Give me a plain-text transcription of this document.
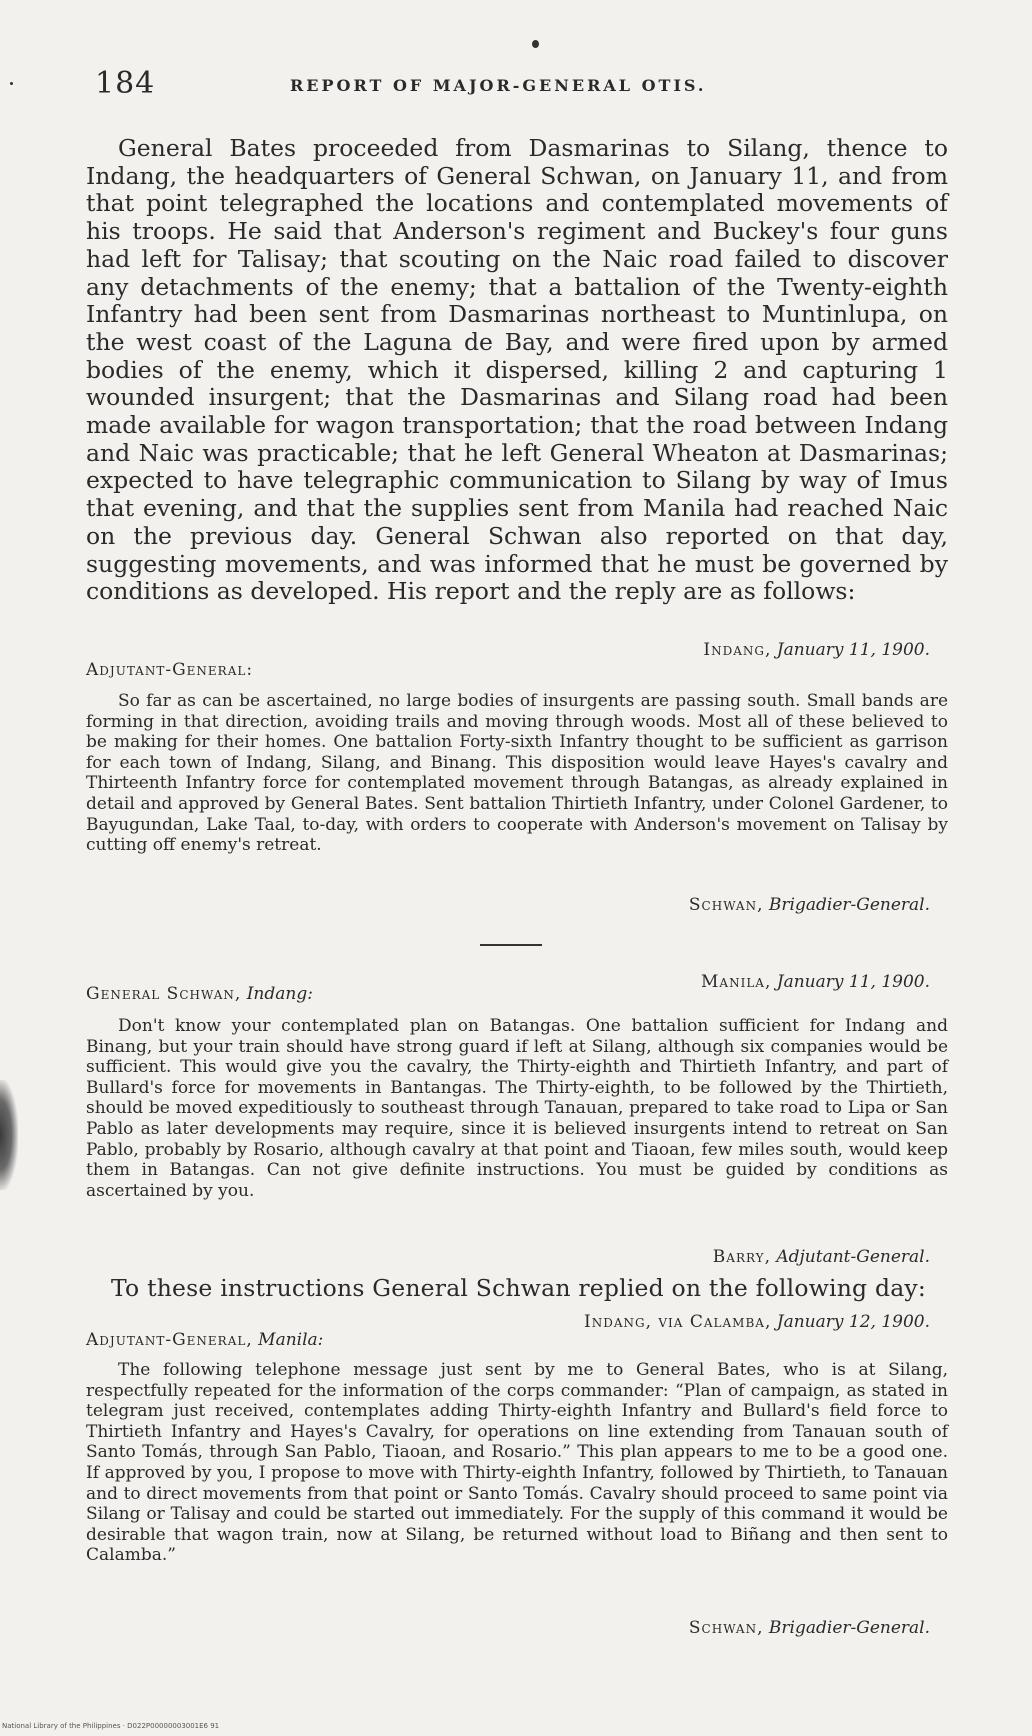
184	REPORT OF MAJOR-GENERAL OTIS.

General Bates proceeded from Dasmarinas to Silang, thence to Indang, the headquarters of General Schwan, on January 11, and from that point telegraphed the locations and contemplated movements of his troops. He said that Anderson's regiment and Buckey's four guns had left for Talisay; that scouting on the Naic road failed to discover any detachments of the enemy; that a battalion of the Twenty-eighth Infantry had been sent from Dasmarinas northeast to Muntinlupa, on the west coast of the Laguna de Bay, and were fired upon by armed bodies of the enemy, which it dispersed, killing 2 and capturing 1 wounded insurgent; that the Dasmarinas and Silang road had been made available for wagon transportation; that the road between Indang and Naic was practicable; that he left General Wheaton at Dasmarinas; expected to have telegraphic communication to Silang by way of Imus that evening, and that the supplies sent from Manila had reached Naic on the previous day. General Schwan also reported on that day, suggesting movements, and was informed that he must be governed by conditions as developed. His report and the reply are as follows:

Indang, January 11, 1900.
Adjutant-General:

So far as can be ascertained, no large bodies of insurgents are passing south. Small bands are forming in that direction, avoiding trails and moving through woods. Most all of these believed to be making for their homes. One battalion Forty-sixth Infantry thought to be sufficient as garrison for each town of Indang, Silang, and Binang. This disposition would leave Hayes's cavalry and Thirteenth Infantry force for contemplated movement through Batangas, as already explained in detail and approved by General Bates. Sent battalion Thirtieth Infantry, under Colonel Gardener, to Bayugundan, Lake Taal, to-day, with orders to cooperate with Anderson's movement on Talisay by cutting off enemy's retreat.

Schwan, Brigadier-General.
Manila, January 11, 1900.
General Schwan, Indang:

Don't know your contemplated plan on Batangas. One battalion sufficient for Indang and Binang, but your train should have strong guard if left at Silang, although six companies would be sufficient. This would give you the cavalry, the Thirty-eighth and Thirtieth Infantry, and part of Bullard's force for movements in Bantangas. The Thirty-eighth, to be followed by the Thirtieth, should be moved expeditiously to southeast through Tanauan, prepared to take road to Lipa or San Pablo as later developments may require, since it is believed insurgents intend to retreat on San Pablo, probably by Rosario, although cavalry at that point and Tiaoan, few miles south, would keep them in Batangas. Can not give definite instructions. You must be guided by conditions as ascertained by you.

Barry, Adjutant-General.
To these instructions General Schwan replied on the following day:
Indang, via Calamba, January 12, 1900.
Adjutant-General, Manila:

The following telephone message just sent by me to General Bates, who is at Silang, respectfully repeated for the information of the corps commander: “Plan of campaign, as stated in telegram just received, contemplates adding Thirty-eighth Infantry and Bullard's field force to Thirtieth Infantry and Hayes's Cavalry, for operations on line extending from Tanauan south of Santo Tomás, through San Pablo, Tiaoan, and Rosario.” This plan appears to me to be a good one. If approved by you, I propose to move with Thirty-eighth Infantry, followed by Thirtieth, to Tanauan and to direct movements from that point or Santo Tomás. Cavalry should proceed to same point via Silang or Talisay and could be started out immediately. For the supply of this command it would be desirable that wagon train, now at Silang, be returned without load to Biñang and then sent to Calamba.”

Schwan, Brigadier-General.
National Library of the Philippines · D022P00000003001E6 91
